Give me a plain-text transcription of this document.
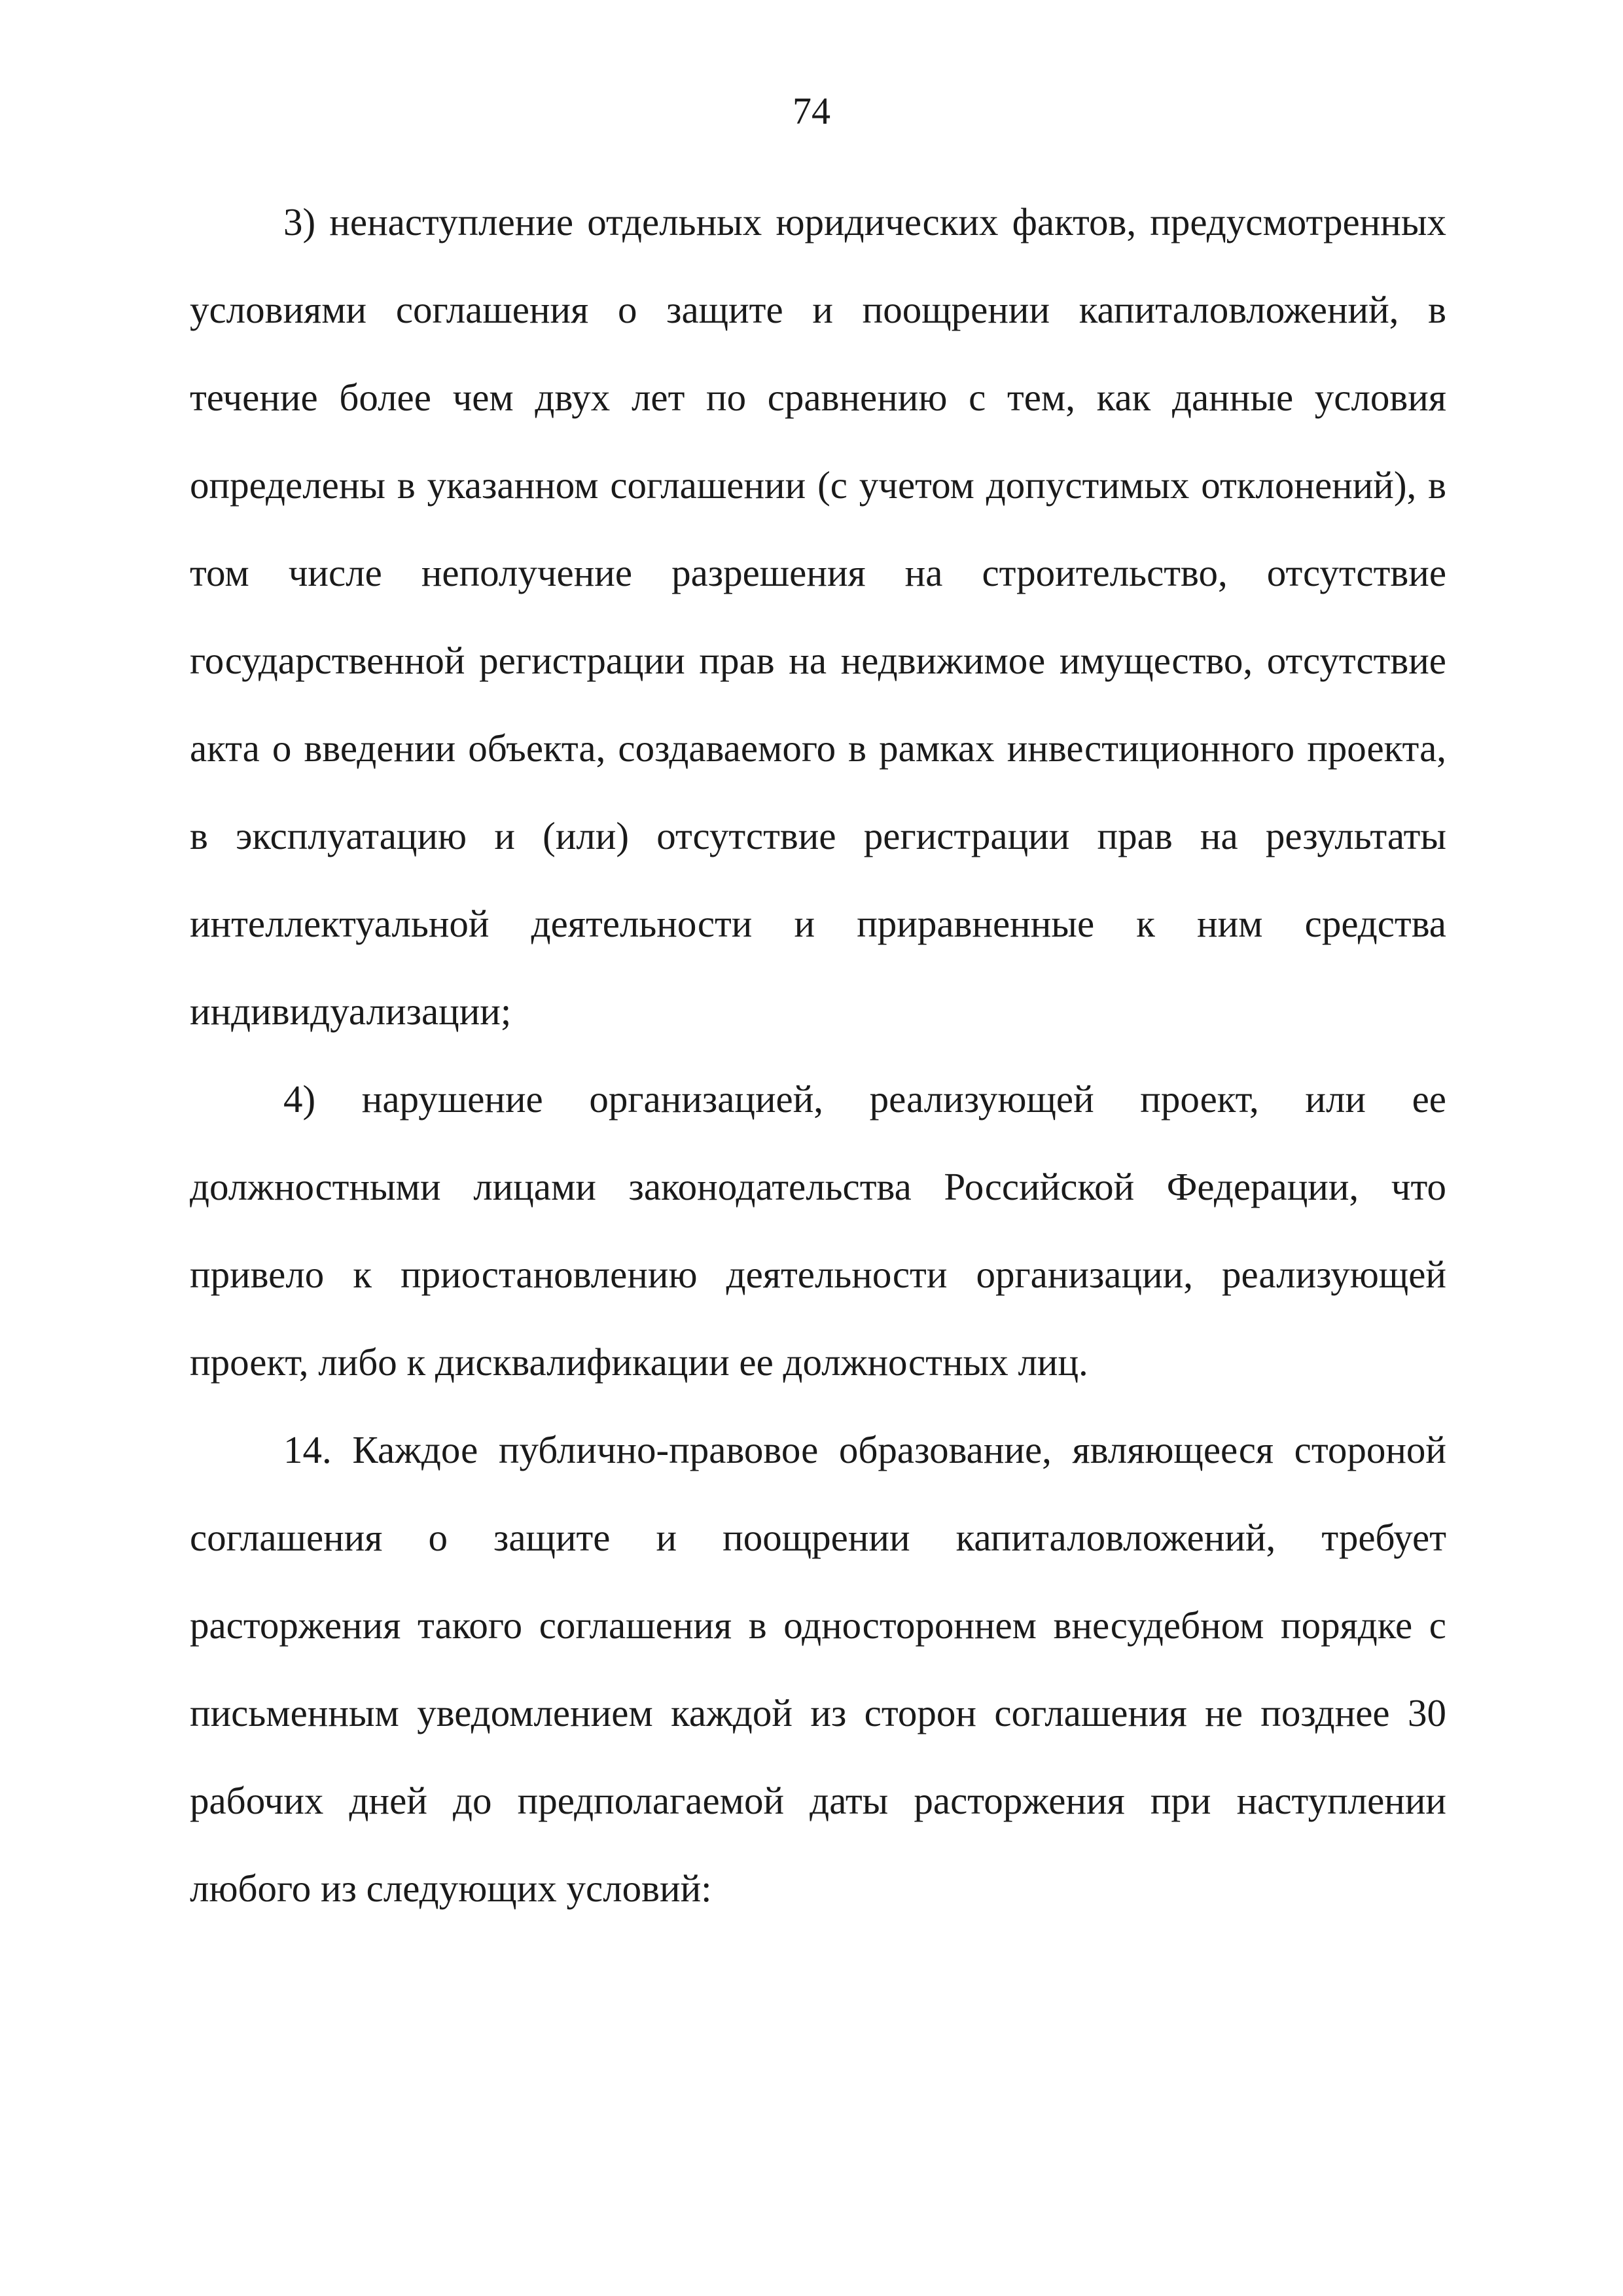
74

3) ненаступление отдельных юридических фактов, предусмотренных условиями соглашения о защите и поощрении капиталовложений, в течение более чем двух лет по сравнению с тем, как данные условия определены в указанном соглашении (с учетом допустимых отклонений), в том числе неполучение разрешения на строительство, отсутствие государственной регистрации прав на недвижимое имущество, отсутствие акта о введении объекта, создаваемого в рамках инвестиционного проекта, в эксплуатацию и (или) отсутствие регистрации прав на результаты интеллектуальной деятельности и приравненные к ним средства индивидуализации;

4) нарушение организацией, реализующей проект, или ее должностными лицами законодательства Российской Федерации, что привело к приостановлению деятельности организации, реализующей проект, либо к дисквалификации ее должностных лиц.

14. Каждое публично-правовое образование, являющееся стороной соглашения о защите и поощрении капиталовложений, требует расторжения такого соглашения в одностороннем внесудебном порядке с письменным уведомлением каждой из сторон соглашения не позднее 30 рабочих дней до предполагаемой даты расторжения при наступлении любого из следующих условий:
